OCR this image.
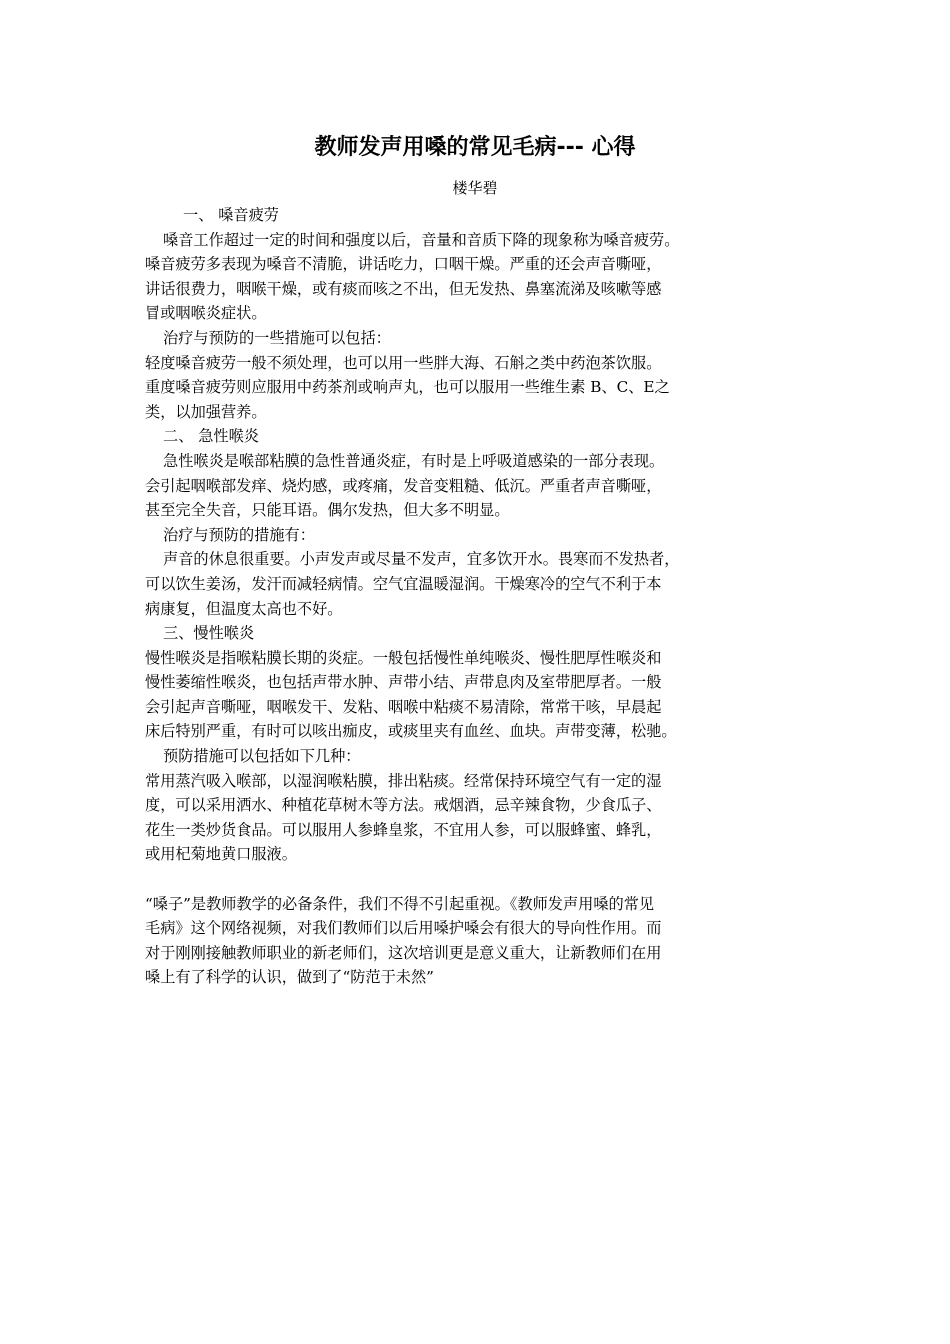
教师发声用嗓的常见毛病--- 心得
楼华碧
一、 嗓音疲劳
嗓音工作超过一定的时间和强度以后，音量和音质下降的现象称为嗓音疲劳。
嗓音疲劳多表现为嗓音不清脆，讲话吃力，口咽干燥。严重的还会声音嘶哑，
讲话很费力，咽喉干燥，或有痰而咳之不出，但无发热、鼻塞流涕及咳嗽等感
冒或咽喉炎症状。
治疗与预防的一些措施可以包括：
轻度嗓音疲劳一般不须处理，也可以用一些胖大海、石斛之类中药泡茶饮服。
重度嗓音疲劳则应服用中药茶剂或响声丸，也可以服用一些维生素 B、C、E之
类，以加强营养。
二、 急性喉炎
急性喉炎是喉部粘膜的急性普通炎症，有时是上呼吸道感染的一部分表现。
会引起咽喉部发痒、烧灼感，或疼痛，发音变粗糙、低沉。严重者声音嘶哑，
甚至完全失音，只能耳语。偶尔发热，但大多不明显。
治疗与预防的措施有：
声音的休息很重要。小声发声或尽量不发声，宜多饮开水。畏寒而不发热者，
可以饮生姜汤，发汗而减轻病情。空气宜温暖湿润。干燥寒冷的空气不利于本
病康复，但温度太高也不好。
三、慢性喉炎
慢性喉炎是指喉粘膜长期的炎症。一般包括慢性单纯喉炎、慢性肥厚性喉炎和
慢性萎缩性喉炎，也包括声带水肿、声带小结、声带息肉及室带肥厚者。一般
会引起声音嘶哑，咽喉发干、发粘、咽喉中粘痰不易清除，常常干咳，早晨起
床后特别严重，有时可以咳出痂皮，或痰里夹有血丝、血块。声带变薄，松驰。
预防措施可以包括如下几种：
常用蒸汽吸入喉部，以湿润喉粘膜，排出粘痰。经常保持环境空气有一定的湿
度，可以采用洒水、种植花草树木等方法。戒烟酒，忌辛辣食物，少食瓜子、
花生一类炒货食品。可以服用人参蜂皇浆，不宜用人参，可以服蜂蜜、蜂乳，
或用杞菊地黄口服液。
“嗓子”是教师教学的必备条件，我们不得不引起重视。《教师发声用嗓的常见
毛病》这个网络视频，对我们教师们以后用嗓护嗓会有很大的导向性作用。而
对于刚刚接触教师职业的新老师们，这次培训更是意义重大，让新教师们在用
嗓上有了科学的认识，做到了“防范于未然”
